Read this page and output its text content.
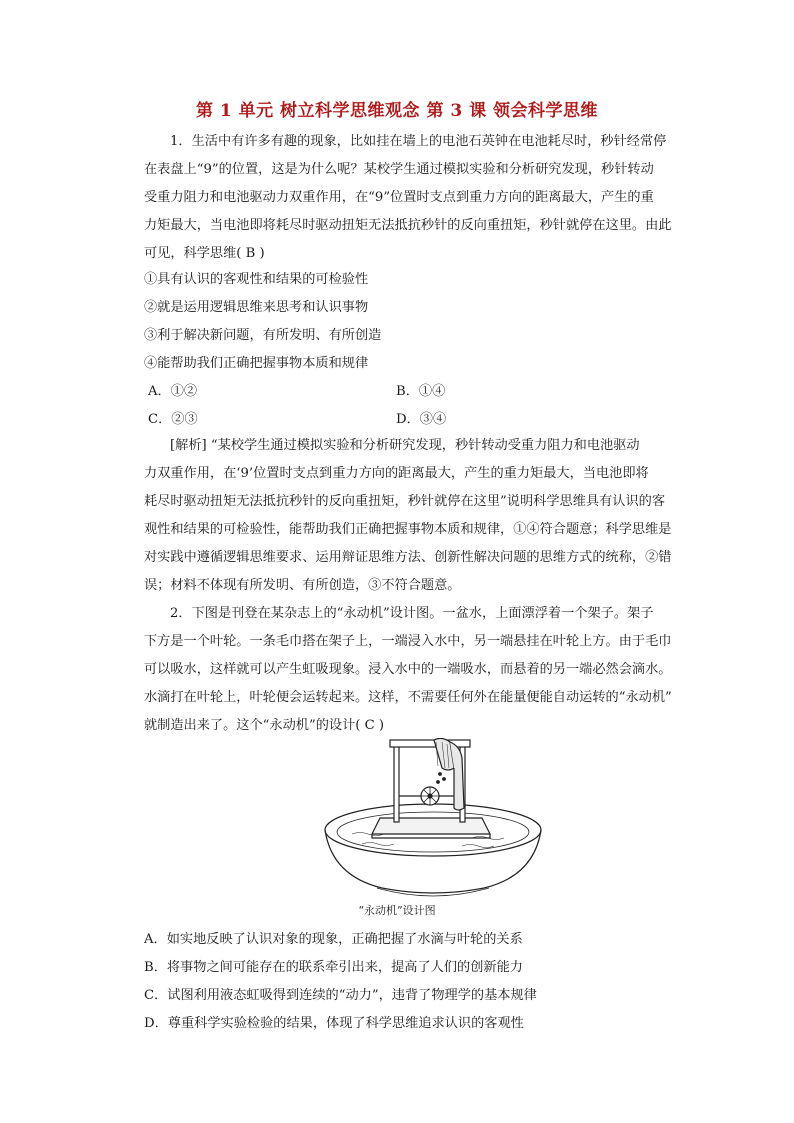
第 1 单元 树立科学思维观念 第 3 课 领会科学思维
1．生活中有许多有趣的现象，比如挂在墙上的电池石英钟在电池耗尽时，秒针经常停
在表盘上“9”的位置，这是为什么呢？某校学生通过模拟实验和分析研究发现，秒针转动
受重力阻力和电池驱动力双重作用，在“9”位置时支点到重力方向的距离最大，产生的重
力矩最大，当电池即将耗尽时驱动扭矩无法抵抗秒针的反向重扭矩，秒针就停在这里。由此
可见，科学思维( B )
①具有认识的客观性和结果的可检验性
②就是运用逻辑思维来思考和认识事物
③利于解决新问题，有所发明、有所创造
④能帮助我们正确把握事物本质和规律
A．①②	B．①④
C．②③	D．③④
[解析] “某校学生通过模拟实验和分析研究发现，秒针转动受重力阻力和电池驱动
力双重作用，在‘9’位置时支点到重力方向的距离最大，产生的重力矩最大，当电池即将
耗尽时驱动扭矩无法抵抗秒针的反向重扭矩，秒针就停在这里”说明科学思维具有认识的客
观性和结果的可检验性，能帮助我们正确把握事物本质和规律，①④符合题意；科学思维是
对实践中遵循逻辑思维要求、运用辩证思维方法、创新性解决问题的思维方式的统称，②错
误；材料不体现有所发明、有所创造，③不符合题意。
2．下图是刊登在某杂志上的“永动机”设计图。一盆水，上面漂浮着一个架子。架子
下方是一个叶轮。一条毛巾搭在架子上，一端浸入水中，另一端悬挂在叶轮上方。由于毛巾
可以吸水，这样就可以产生虹吸现象。浸入水中的一端吸水，而悬着的另一端必然会滴水。
水滴打在叶轮上，叶轮便会运转起来。这样，不需要任何外在能量便能自动运转的“永动机”
就制造出来了。这个“永动机”的设计( C )
“永动机”设计图
A．如实地反映了认识对象的现象，正确把握了水滴与叶轮的关系
B．将事物之间可能存在的联系牵引出来，提高了人们的创新能力
C．试图利用液态虹吸得到连续的“动力”，违背了物理学的基本规律
D．尊重科学实验检验的结果，体现了科学思维追求认识的客观性
